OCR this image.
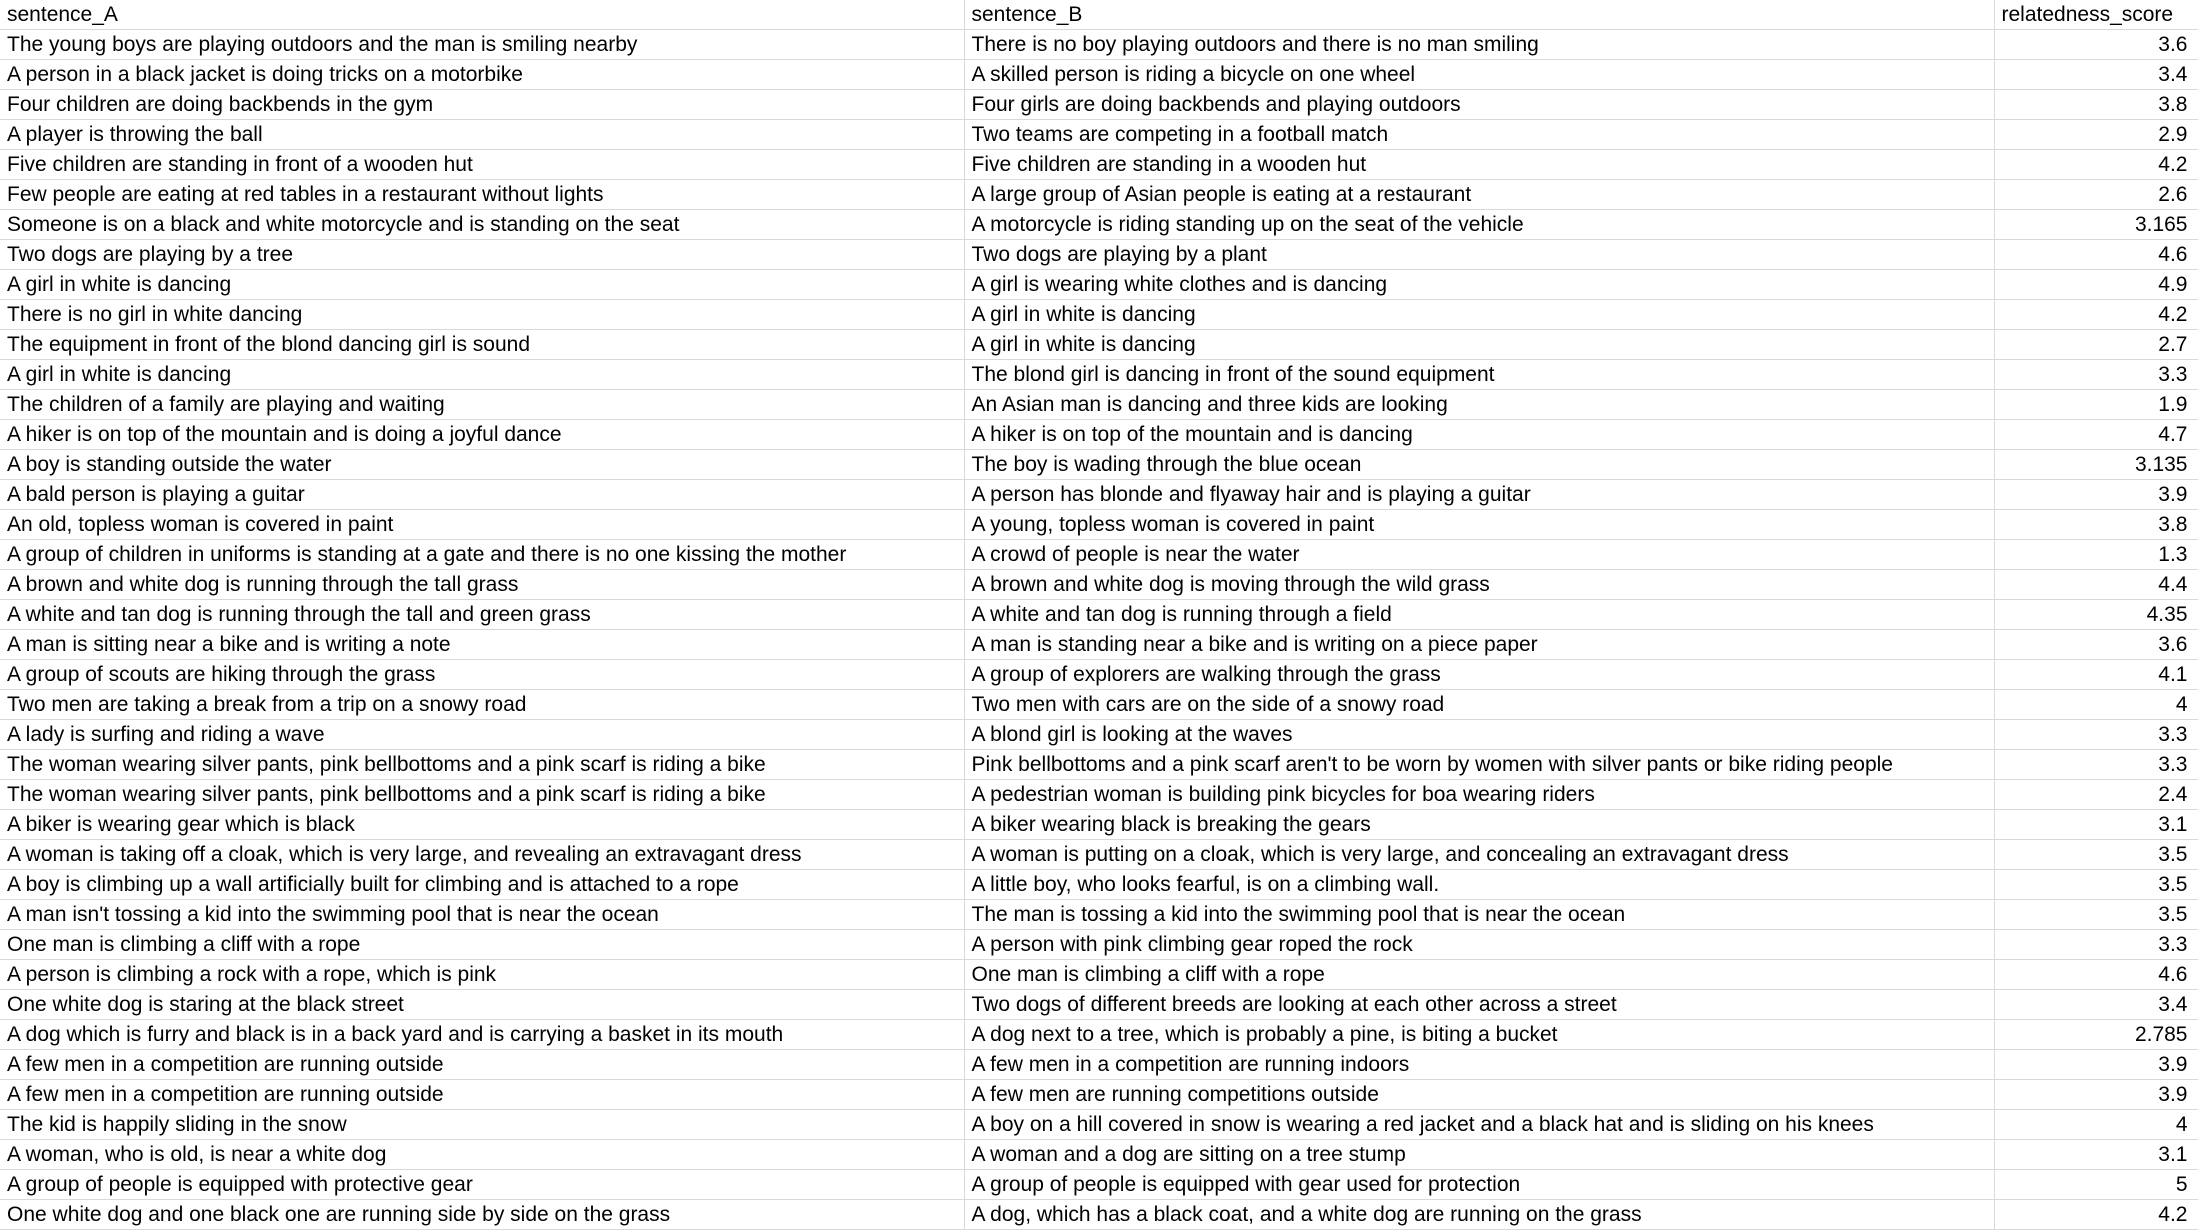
sentence_A	sentence_B	relatedness_score
The young boys are playing outdoors and the man is smiling nearby	There is no boy playing outdoors and there is no man smiling	3.6
A person in a black jacket is doing tricks on a motorbike	A skilled person is riding a bicycle on one wheel	3.4
Four children are doing backbends in the gym	Four girls are doing backbends and playing outdoors	3.8
A player is throwing the ball	Two teams are competing in a football match	2.9
Five children are standing in front of a wooden hut	Five children are standing in a wooden hut	4.2
Few people are eating at red tables in a restaurant without lights	A large group of Asian people is eating at a restaurant	2.6
Someone is on a black and white motorcycle and is standing on the seat	A motorcycle is riding standing up on the seat of the vehicle	3.165
Two dogs are playing by a tree	Two dogs are playing by a plant	4.6
A girl in white is dancing	A girl is wearing white clothes and is dancing	4.9
There is no girl in white dancing	A girl in white is dancing	4.2
The equipment in front of the blond dancing girl is sound	A girl in white is dancing	2.7
A girl in white is dancing	The blond girl is dancing in front of the sound equipment	3.3
The children of a family are playing and waiting	An Asian man is dancing and three kids are looking	1.9
A hiker is on top of the mountain and is doing a joyful dance	A hiker is on top of the mountain and is dancing	4.7
A boy is standing outside the water	The boy is wading through the blue ocean	3.135
A bald person is playing a guitar	A person has blonde and flyaway hair and is playing a guitar	3.9
An old, topless woman is covered in paint	A young, topless woman is covered in paint	3.8
A group of children in uniforms is standing at a gate and there is no one kissing the mother	A crowd of people is near the water	1.3
A brown and white dog is running through the tall grass	A brown and white dog is moving through the wild grass	4.4
A white and tan dog is running through the tall and green grass	A white and tan dog is running through a field	4.35
A man is sitting near a bike and is writing a note	A man is standing near a bike and is writing on a piece paper	3.6
A group of scouts are hiking through the grass	A group of explorers are walking through the grass	4.1
Two men are taking a break from a trip on a snowy road	Two men with cars are on the side of a snowy road	4
A lady is surfing and riding a wave	A blond girl is looking at the waves	3.3
The woman wearing silver pants, pink bellbottoms and a pink scarf is riding a bike	Pink bellbottoms and a pink scarf aren't to be worn by women with silver pants or bike riding people	3.3
The woman wearing silver pants, pink bellbottoms and a pink scarf is riding a bike	A pedestrian woman is building pink bicycles for boa wearing riders	2.4
A biker is wearing gear which is black	A biker wearing black is breaking the gears	3.1
A woman is taking off a cloak, which is very large, and revealing an extravagant dress	A woman is putting on a cloak, which is very large, and concealing an extravagant dress	3.5
A boy is climbing up a wall artificially built for climbing and is attached to a rope	A little boy, who looks fearful, is on a climbing wall.	3.5
A man isn't tossing a kid into the swimming pool that is near the ocean	The man is tossing a kid into the swimming pool that is near the ocean	3.5
One man is climbing a cliff with a rope	A person with pink climbing gear roped the rock	3.3
A person is climbing a rock with a rope, which is pink	One man is climbing a cliff with a rope	4.6
One white dog is staring at the black street	Two dogs of different breeds are looking at each other across a street	3.4
A dog which is furry and black is in a back yard and is carrying a basket in its mouth	A dog next to a tree, which is probably a pine, is biting a bucket	2.785
A few men in a competition are running outside	A few men in a competition are running indoors	3.9
A few men in a competition are running outside	A few men are running competitions outside	3.9
The kid is happily sliding in the snow	A boy on a hill covered in snow is wearing a red jacket and a black hat and is sliding on his knees	4
A woman, who is old, is near a white dog	A woman and a dog are sitting on a tree stump	3.1
A group of people is equipped with protective gear	A group of people is equipped with gear used for protection	5
One white dog and one black one are running side by side on the grass	A dog, which has a black coat, and a white dog are running on the grass	4.2
